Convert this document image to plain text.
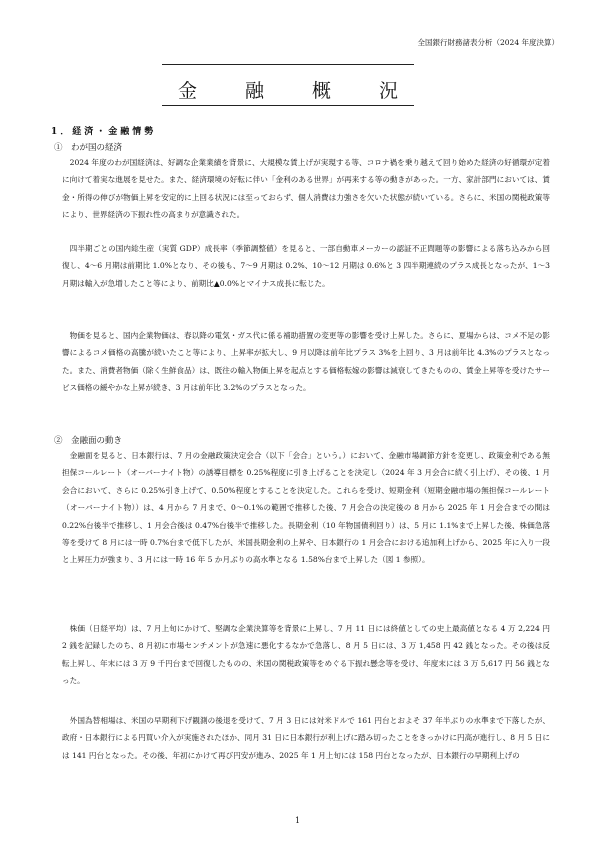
全国銀行財務諸表分析（2024 年度決算）
金	融	概	況
1．経済・金融情勢
①　わが国の経済

　2024 年度のわが国経済は、好調な企業業績を背景に、大規模な賃上げが実現する等、コロナ禍を乗り越えて回り始めた経済の好循環が定着に向けて着実な進展を見せた。また、経済環境の好転に伴い「金利のある世界」が再来する等の動きがあった。一方、家計部門においては、賃金・所得の伸びが物価上昇を安定的に上回る状況には至っておらず、個人消費は力強さを欠いた状態が続いている。さらに、米国の関税政策等により、世界経済の下振れ性の高まりが意識された。

　四半期ごとの国内総生産（実質 GDP）成長率（季節調整値）を見ると、一部自動車メーカーの認証不正問題等の影響による落ち込みから回復し、4～6 月期は前期比 1.0%となり、その後も、7～9 月期は 0.2%、10～12 月期は 0.6%と 3 四半期連続のプラス成長となったが、1～3 月期は輸入が急増したこと等により、前期比▲0.0%とマイナス成長に転じた。

　物価を見ると、国内企業物価は、春以降の電気・ガス代に係る補助措置の変更等の影響を受け上昇した。さらに、夏場からは、コメ不足の影響によるコメ価格の高騰が続いたこと等により、上昇率が拡大し、9 月以降は前年比プラス 3%を上回り、3 月は前年比 4.3%のプラスとなった。また、消費者物価（除く生鮮食品）は、既往の輸入物価上昇を起点とする価格転嫁の影響は減衰してきたものの、賃金上昇等を受けたサービス価格の緩やかな上昇が続き、3 月は前年比 3.2%のプラスとなった。

②　金融面の動き

　金融面を見ると、日本銀行は、7 月の金融政策決定会合（以下「会合」という。）において、金融市場調節方針を変更し、政策金利である無担保コールレート（オーバーナイト物）の誘導目標を 0.25%程度に引き上げることを決定し（2024 年 3 月会合に続く引上げ）、その後、1 月会合において、さらに 0.25%引き上げて、0.50%程度とすることを決定した。これらを受け、短期金利（短期金融市場の無担保コールレート（オーバーナイト物））は、4 月から 7 月まで、0～0.1%の範囲で推移した後、7 月会合の決定後の 8 月から 2025 年 1 月会合までの間は 0.22%台後半で推移し、1 月会合後は 0.47%台後半で推移した。長期金利（10 年物国債利回り）は、5 月に 1.1%まで上昇した後、株価急落等を受けて 8 月には一時 0.7%台まで低下したが、米国長期金利の上昇や、日本銀行の 1 月会合における追加利上げから、2025 年に入り一段と上昇圧力が強まり、3 月には一時 16 年 5 か月ぶりの高水準となる 1.58%台まで上昇した（図 1 参照）。

　株価（日経平均）は、7 月上旬にかけて、堅調な企業決算等を背景に上昇し、7 月 11 日には終値としての史上最高値となる 4 万 2,224 円 2 銭を記録したのち、8 月初に市場センチメントが急速に悪化するなかで急落し、8 月 5 日には、3 万 1,458 円 42 銭となった。その後は反転上昇し、年末には 3 万 9 千円台まで回復したものの、米国の関税政策等をめぐる下振れ懸念等を受け、年度末には 3 万 5,617 円 56 銭となった。

　外国為替相場は、米国の早期利下げ観測の後退を受けて、7 月 3 日には対米ドルで 161 円台とおよそ 37 年半ぶりの水準まで下落したが、政府・日本銀行による円買い介入が実施されたほか、同月 31 日に日本銀行が利上げに踏み切ったことをきっかけに円高が進行し、8 月 5 日には 141 円台となった。その後、年初にかけて再び円安が進み、2025 年 1 月上旬には 158 円台となったが、日本銀行の早期利上げの

1
